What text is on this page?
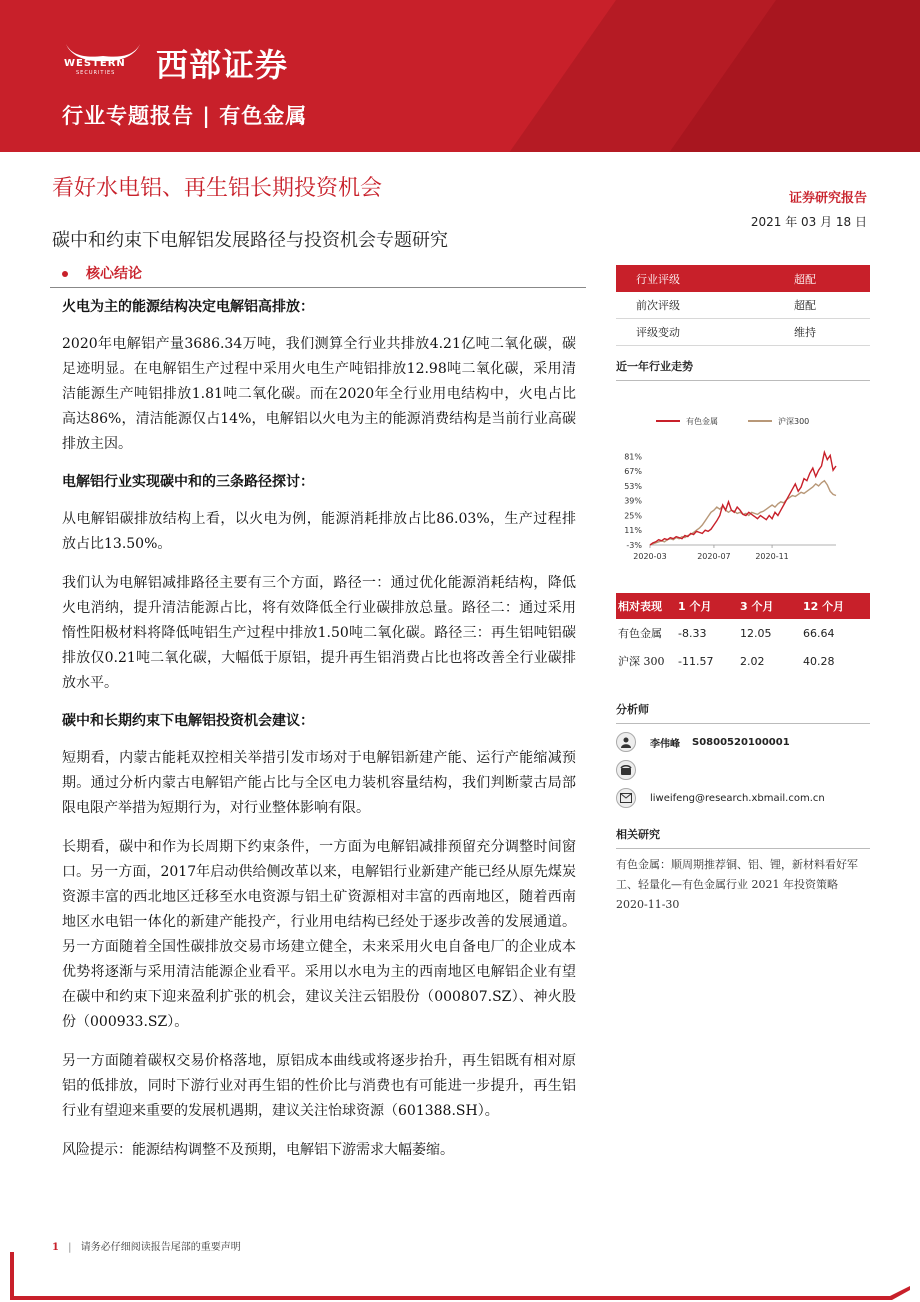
WESTERN
SECURITIES 西部证券
行业专题报告 | 有色金属
看好水电铝、再生铝长期投资机会
碳中和约束下电解铝发展路径与投资机会专题研究
证券研究报告
2021 年 03 月 18 日
核心结论
火电为主的能源结构决定电解铝高排放：

2020年电解铝产量3686.34万吨，我们测算全行业共排放4.21亿吨二氧化碳，碳足迹明显。在电解铝生产过程中采用火电生产吨铝排放12.98吨二氧化碳，采用清洁能源生产吨铝排放1.81吨二氧化碳。而在2020年全行业用电结构中，火电占比高达86%，清洁能源仅占14%，电解铝以火电为主的能源消费结构是当前行业高碳排放主因。

电解铝行业实现碳中和的三条路径探讨：

从电解铝碳排放结构上看，以火电为例，能源消耗排放占比86.03%，生产过程排放占比13.50%。

我们认为电解铝减排路径主要有三个方面，路径一：通过优化能源消耗结构，降低火电消纳，提升清洁能源占比，将有效降低全行业碳排放总量。路径二：通过采用惰性阳极材料将降低吨铝生产过程中排放1.50吨二氧化碳。路径三：再生铝吨铝碳排放仅0.21吨二氧化碳，大幅低于原铝，提升再生铝消费占比也将改善全行业碳排放水平。

碳中和长期约束下电解铝投资机会建议：

短期看，内蒙古能耗双控相关举措引发市场对于电解铝新建产能、运行产能缩减预期。通过分析内蒙古电解铝产能占比与全区电力装机容量结构，我们判断蒙古局部限电限产举措为短期行为，对行业整体影响有限。

长期看，碳中和作为长周期下约束条件，一方面为电解铝减排预留充分调整时间窗口。另一方面，2017年启动供给侧改革以来，电解铝行业新建产能已经从原先煤炭资源丰富的西北地区迁移至水电资源与铝土矿资源相对丰富的西南地区，随着西南地区水电铝一体化的新建产能投产，行业用电结构已经处于逐步改善的发展通道。另一方面随着全国性碳排放交易市场建立健全，未来采用火电自备电厂的企业成本优势将逐渐与采用清洁能源企业看平。采用以水电为主的西南地区电解铝企业有望在碳中和约束下迎来盈利扩张的机会，建议关注云铝股份（000807.SZ）、神火股份（000933.SZ）。

另一方面随着碳权交易价格落地，原铝成本曲线或将逐步抬升，再生铝既有相对原铝的低排放，同时下游行业对再生铝的性价比与消费也有可能进一步提升，再生铝行业有望迎来重要的发展机遇期，建议关注怡球资源（601388.SH）。

风险提示：能源结构调整不及预期，电解铝下游需求大幅萎缩。

行业评级	超配
前次评级	超配
评级变动	维持
近一年行业走势
有色金属	沪深300
81%
67%
53%
39%
25%
11%
-3%
2020-03	2020-07	2020-11
相对表现	1 个月	3 个月	12 个月
有色金属	-8.33	12.05	66.64
沪深 300	-11.57	2.02	40.28
分析师
李伟峰 S0800520100001
liweifeng@research.xbmail.com.cn
相关研究
有色金属：顺周期推荐铜、铝、锂，新材料看好军工、轻量化—有色金属行业 2021 年投资策略　2020-11-30
1 | 请务必仔细阅读报告尾部的重要声明
